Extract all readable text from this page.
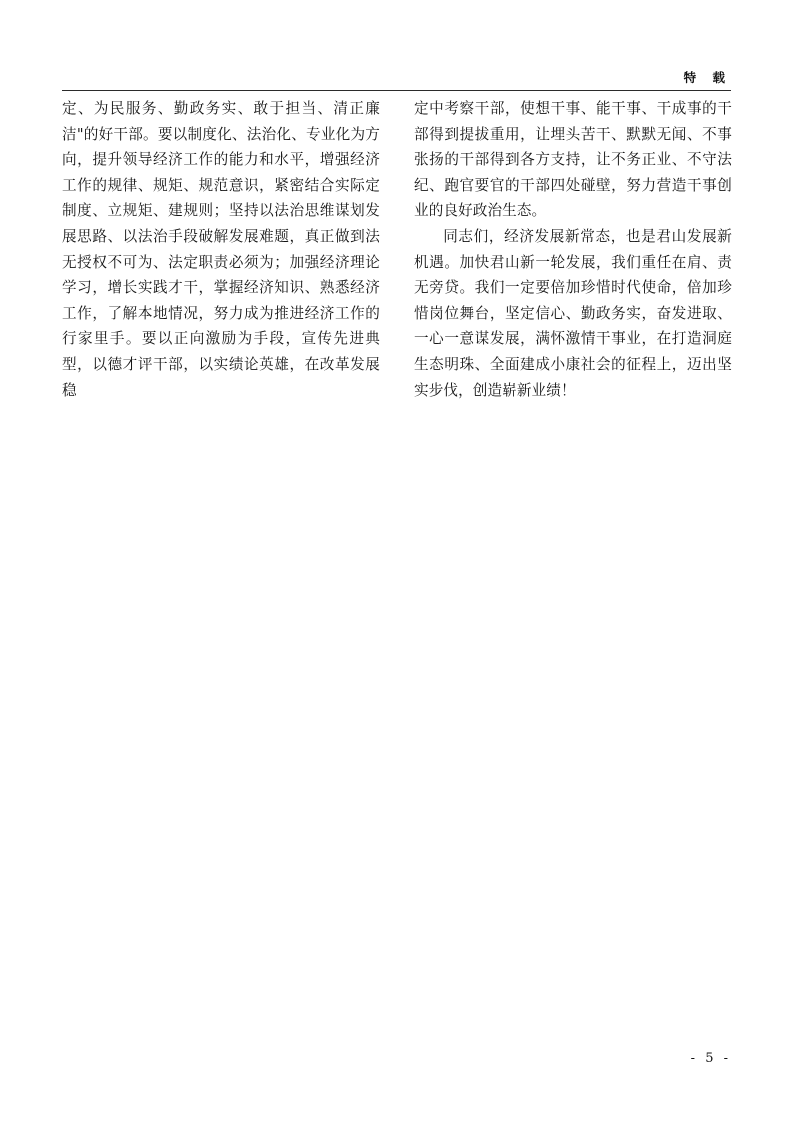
特 载

定、为民服务、勤政务实、敢于担当、清正廉洁"的好干部。要以制度化、法治化、专业化为方向，提升领导经济工作的能力和水平，增强经济工作的规律、规矩、规范意识，紧密结合实际定制度、立规矩、建规则；坚持以法治思维谋划发展思路、以法治手段破解发展难题，真正做到法无授权不可为、法定职责必须为；加强经济理论学习，增长实践才干，掌握经济知识、熟悉经济工作，了解本地情况，努力成为推进经济工作的行家里手。要以正向激励为手段，宣传先进典型，以德才评干部，以实绩论英雄，在改革发展稳

定中考察干部，使想干事、能干事、干成事的干部得到提拔重用，让埋头苦干、默默无闻、不事张扬的干部得到各方支持，让不务正业、不守法纪、跑官要官的干部四处碰壁，努力营造干事创业的良好政治生态。

同志们，经济发展新常态，也是君山发展新机遇。加快君山新一轮发展，我们重任在肩、责无旁贷。我们一定要倍加珍惜时代使命，倍加珍惜岗位舞台，坚定信心、勤政务实，奋发进取、一心一意谋发展，满怀激情干事业，在打造洞庭生态明珠、全面建成小康社会的征程上，迈出坚实步伐，创造崭新业绩！

- 5 -
